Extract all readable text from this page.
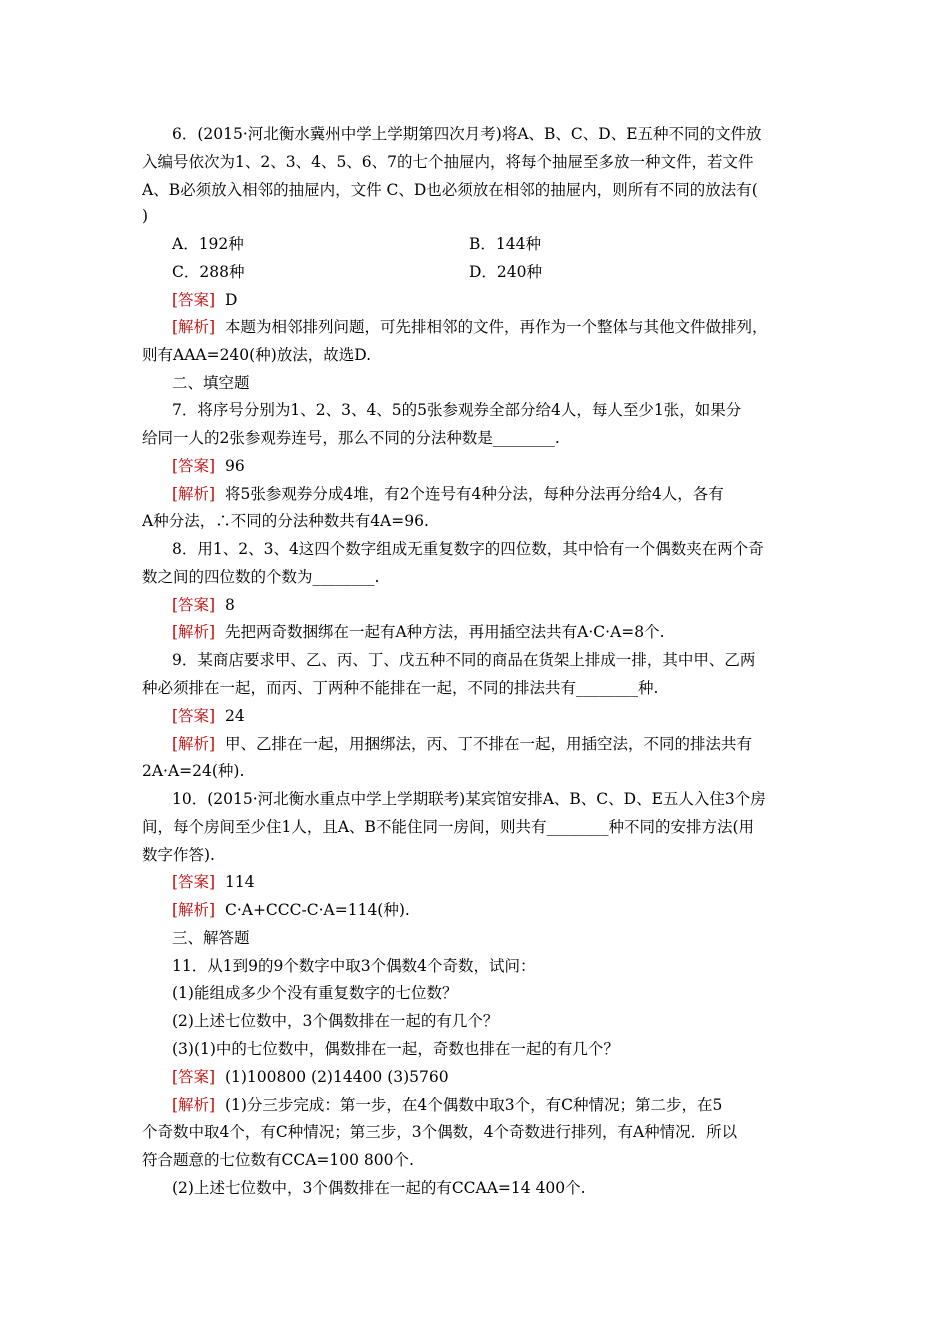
6．(2015·河北衡水冀州中学上学期第四次月考)将A、B、C、D、E五种不同的文件放
入编号依次为1、2、3、4、5、6、7的七个抽屉内，将每个抽屉至多放一种文件，若文件
A、B必须放入相邻的抽屉内，文件 C、D也必须放在相邻的抽屉内，则所有不同的放法有(
)
A．192种	B．144种
C．288种	D．240种
[答案] D
[解析] 本题为相邻排列问题，可先排相邻的文件，再作为一个整体与其他文件做排列，
则有AAA=240(种)放法，故选D.
二、填空题
7．将序号分别为1、2、3、4、5的5张参观券全部分给4人，每人至少1张，如果分
给同一人的2张参观券连号，那么不同的分法种数是________.
[答案] 96
[解析] 将5张参观券分成4堆，有2个连号有4种分法，每种分法再分给4人，各有
A种分法，∴不同的分法种数共有4A=96.
8．用1、2、3、4这四个数字组成无重复数字的四位数，其中恰有一个偶数夹在两个奇
数之间的四位数的个数为________.
[答案] 8
[解析] 先把两奇数捆绑在一起有A种方法，再用插空法共有A·C·A=8个.
9．某商店要求甲、乙、丙、丁、戊五种不同的商品在货架上排成一排，其中甲、乙两
种必须排在一起，而丙、丁两种不能排在一起，不同的排法共有________种.
[答案] 24
[解析] 甲、乙排在一起，用捆绑法，丙、丁不排在一起，用插空法，不同的排法共有
2A·A=24(种).
10．(2015·河北衡水重点中学上学期联考)某宾馆安排A、B、C、D、E五人入住3个房
间，每个房间至少住1人，且A、B不能住同一房间，则共有________种不同的安排方法(用
数字作答).
[答案] 114
[解析] C·A+CCC-C·A=114(种).
三、解答题
11．从1到9的9个数字中取3个偶数4个奇数，试问：
(1)能组成多少个没有重复数字的七位数？
(2)上述七位数中，3个偶数排在一起的有几个？
(3)(1)中的七位数中，偶数排在一起，奇数也排在一起的有几个？
[答案] (1)100800 (2)14400 (3)5760
[解析] (1)分三步完成：第一步，在4个偶数中取3个，有C种情况；第二步，在5
个奇数中取4个，有C种情况；第三步，3个偶数，4个奇数进行排列，有A种情况．所以
符合题意的七位数有CCA=100 800个.
(2)上述七位数中，3个偶数排在一起的有CCAA=14 400个.
